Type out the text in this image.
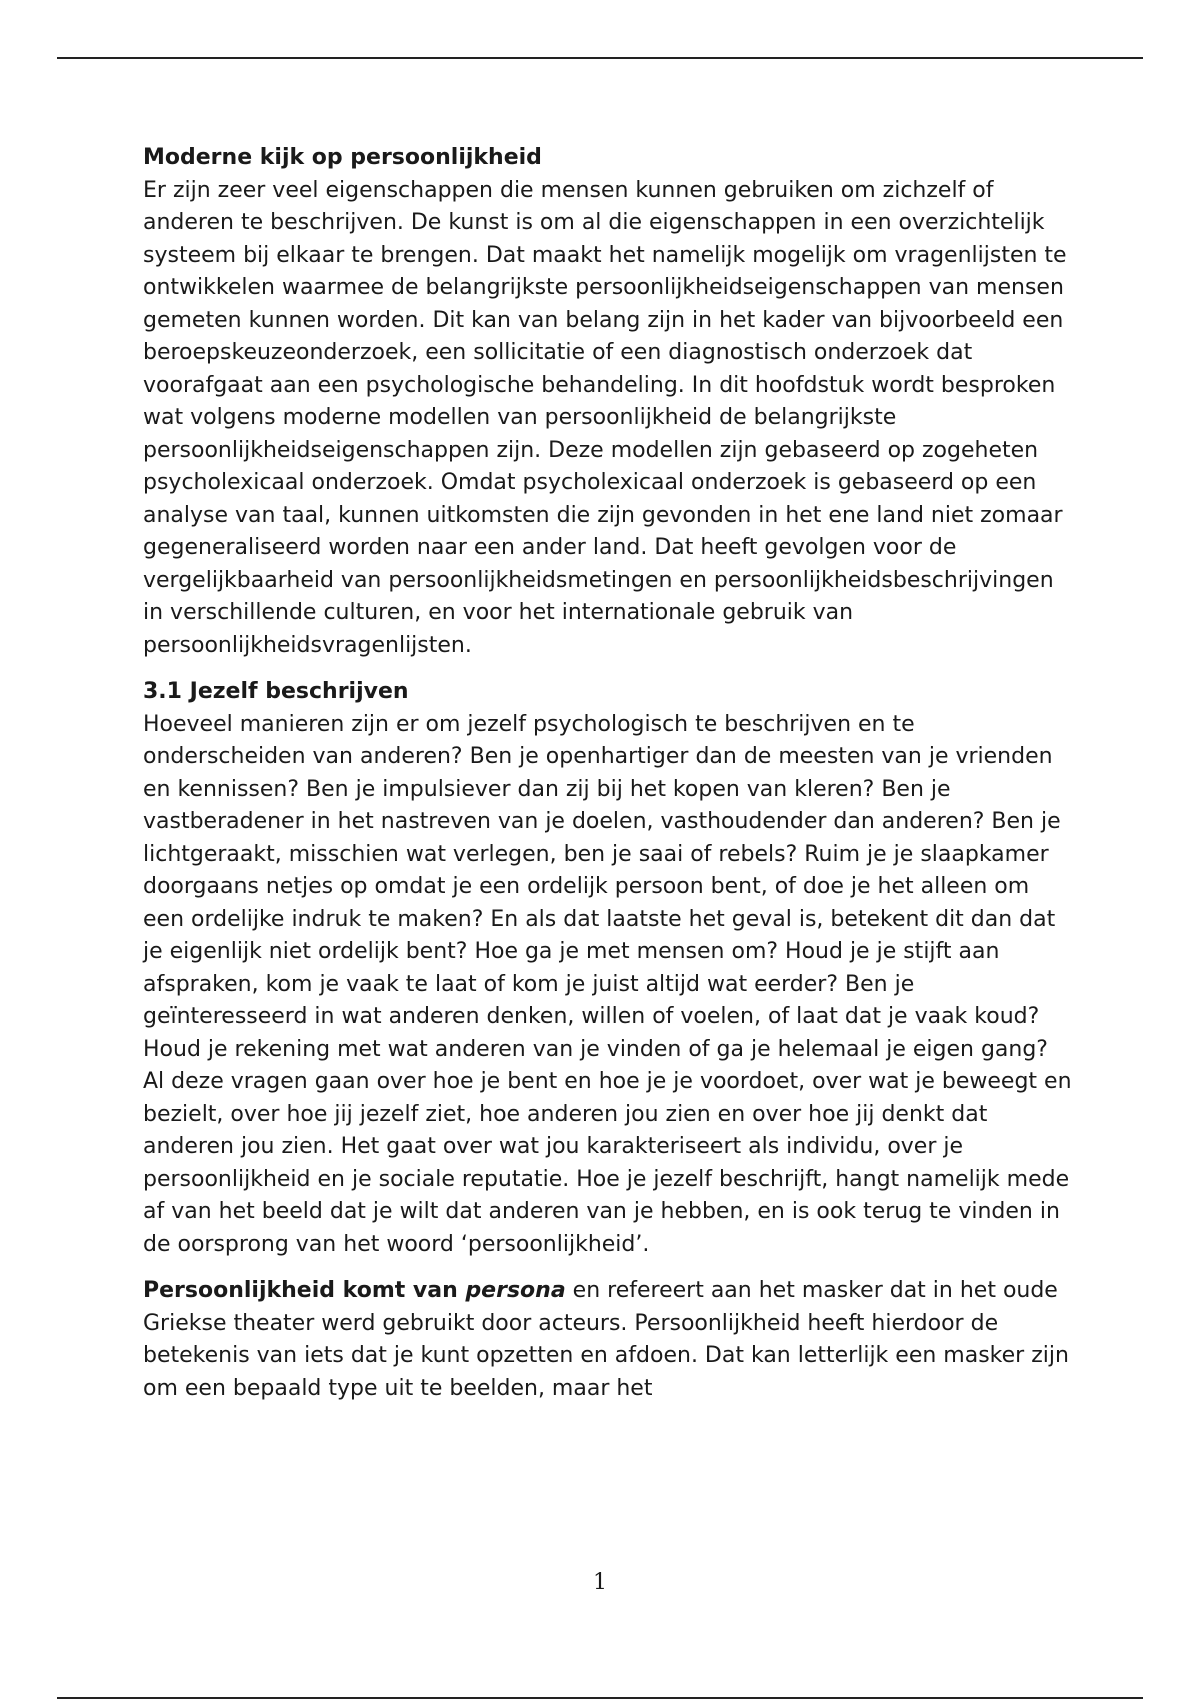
Moderne kijk op persoonlijkheid

Er zijn zeer veel eigenschappen die mensen kunnen gebruiken om zichzelf of anderen te beschrijven. De kunst is om al die eigenschappen in een overzichtelijk systeem bij elkaar te brengen. Dat maakt het namelijk mogelijk om vragenlijsten te ontwikkelen waarmee de belangrijkste persoonlijkheidseigenschappen van mensen gemeten kunnen worden. Dit kan van belang zijn in het kader van bijvoorbeeld een beroepskeuzeonderzoek, een sollicitatie of een diagnostisch onderzoek dat voorafgaat aan een psychologische behandeling. In dit hoofdstuk wordt besproken wat volgens moderne modellen van persoonlijkheid de belangrijkste persoonlijkheidseigenschappen zijn. Deze modellen zijn gebaseerd op zogeheten psycholexicaal onderzoek. Omdat psycholexicaal onderzoek is gebaseerd op een analyse van taal, kunnen uitkomsten die zijn gevonden in het ene land niet zomaar gegeneraliseerd worden naar een ander land. Dat heeft gevolgen voor de vergelijkbaarheid van persoonlijkheidsmetingen en persoonlijkheidsbeschrijvingen in verschillende culturen, en voor het internationale gebruik van persoonlijkheidsvragenlijsten.

3.1 Jezelf beschrijven

Hoeveel manieren zijn er om jezelf psychologisch te beschrijven en te onderscheiden van anderen? Ben je openhartiger dan de meesten van je vrienden en kennissen? Ben je impulsiever dan zij bij het kopen van kleren? Ben je vastberadener in het nastreven van je doelen, vasthoudender dan anderen? Ben je lichtgeraakt, misschien wat verlegen, ben je saai of rebels? Ruim je je slaapkamer doorgaans netjes op omdat je een ordelijk persoon bent, of doe je het alleen om een ordelijke indruk te maken? En als dat laatste het geval is, betekent dit dan dat je eigenlijk niet ordelijk bent? Hoe ga je met mensen om? Houd je je stijft aan afspraken, kom je vaak te laat of kom je juist altijd wat eerder? Ben je geïnteresseerd in wat anderen denken, willen of voelen, of laat dat je vaak koud? Houd je rekening met wat anderen van je vinden of ga je helemaal je eigen gang? Al deze vragen gaan over hoe je bent en hoe je je voordoet, over wat je beweegt en bezielt, over hoe jij jezelf ziet, hoe anderen jou zien en over hoe jij denkt dat anderen jou zien. Het gaat over wat jou karakteriseert als individu, over je persoonlijkheid en je sociale reputatie. Hoe je jezelf beschrijft, hangt namelijk mede af van het beeld dat je wilt dat anderen van je hebben, en is ook terug te vinden in de oorsprong van het woord ‘persoonlijkheid’.

Persoonlijkheid komt van persona en refereert aan het masker dat in het oude Griekse theater werd gebruikt door acteurs. Persoonlijkheid heeft hierdoor de betekenis van iets dat je kunt opzetten en afdoen. Dat kan letterlijk een masker zijn om een bepaald type uit te beelden, maar het

1
